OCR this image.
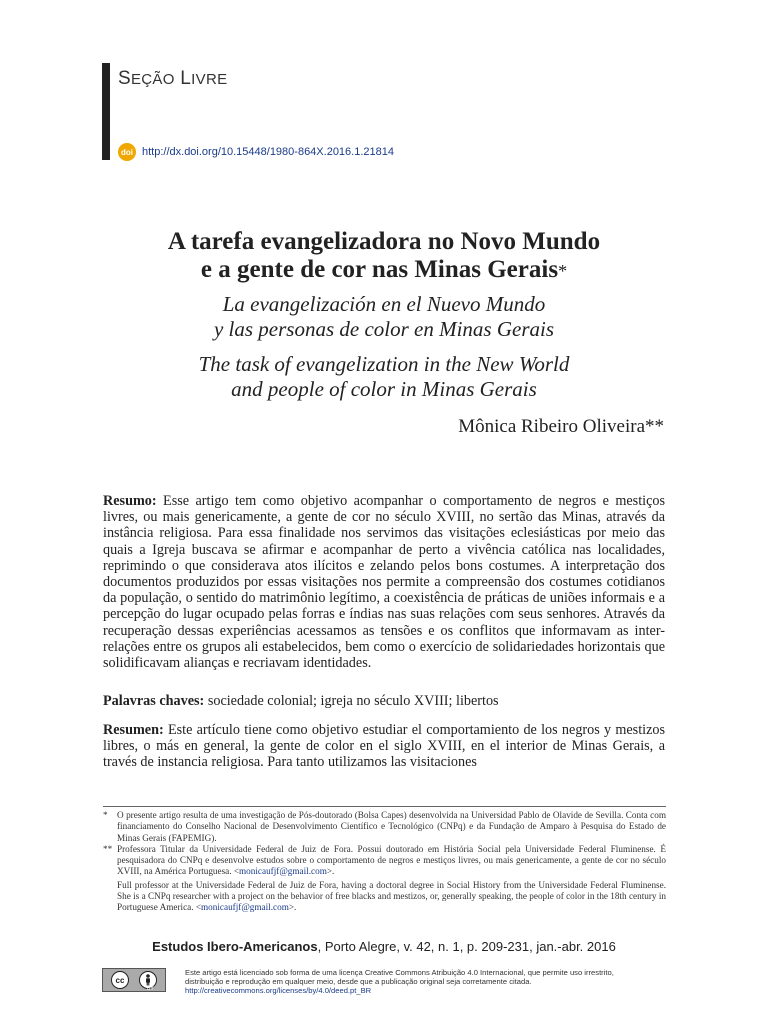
SEÇÃO LIVRE
doi http://dx.doi.org/10.15448/1980-864X.2016.1.21814
A tarefa evangelizadora no Novo Mundo
e a gente de cor nas Minas Gerais*
La evangelización en el Nuevo Mundo
y las personas de color en Minas Gerais
The task of evangelization in the New World
and people of color in Minas Gerais
Mônica Ribeiro Oliveira**
Resumo: Esse artigo tem como objetivo acompanhar o comportamento de negros e mestiços livres, ou mais genericamente, a gente de cor no século XVIII, no sertão das Minas, através da instância religiosa. Para essa finalidade nos servimos das visitações eclesiásticas por meio das quais a Igreja buscava se afirmar e acompanhar de perto a vivência católica nas localidades, reprimindo o que considerava atos ilícitos e zelando pelos bons costumes. A interpretação dos documentos produzidos por essas visitações nos permite a compreensão dos costumes cotidianos da população, o sentido do matrimônio legítimo, a coexistência de práticas de uniões informais e a percepção do lugar ocupado pelas forras e índias nas suas relações com seus senhores. Através da recuperação dessas experiências acessamos as tensões e os conflitos que informavam as inter-relações entre os grupos ali estabelecidos, bem como o exercício de solidariedades horizontais que solidificavam alianças e recriavam identidades.
Palavras chaves: sociedade colonial; igreja no século XVIII; libertos
Resumen: Este artículo tiene como objetivo estudiar el comportamiento de los negros y mestizos libres, o más en general, la gente de color en el siglo XVIII, en el interior de Minas Gerais, a través de instancia religiosa. Para tanto utilizamos las visitaciones
*	O presente artigo resulta de uma investigação de Pós-doutorado (Bolsa Capes) desenvolvida na Universidad Pablo de Olavide de Sevilla. Conta com financiamento do Conselho Nacional de Desenvolvimento Científico e Tecnológico (CNPq) e da Fundação de Amparo à Pesquisa do Estado de Minas Gerais (FAPEMIG).
** Professora Titular da Universidade Federal de Juiz de Fora. Possui doutorado em História Social pela Universidade Federal Fluminense. É pesquisadora do CNPq e desenvolve estudos sobre o comportamento de negros e mestiços livres, ou mais genericamente, a gente de cor no século XVIII, na América Portuguesa. <monicaufjf@gmail.com>.
Full professor at the Universidade Federal de Juiz de Fora, having a doctoral degree in Social History from the Universidade Federal Fluminense. She is a CNPq researcher with a project on the behavior of free blacks and mestizos, or, generally speaking, the people of color in the 18th century in Portuguese America. <monicaufjf@gmail.com>.
Estudos Ibero-Americanos, Porto Alegre, v. 42, n. 1, p. 209-231, jan.-abr. 2016
cc
BY
Este artigo está licenciado sob forma de uma licença Creative Commons Atribuição 4.0 Internacional, que permite uso irrestrito, distribuição e reprodução em qualquer meio, desde que a publicação original seja corretamente citada.
http://creativecommons.org/licenses/by/4.0/deed.pt_BR
